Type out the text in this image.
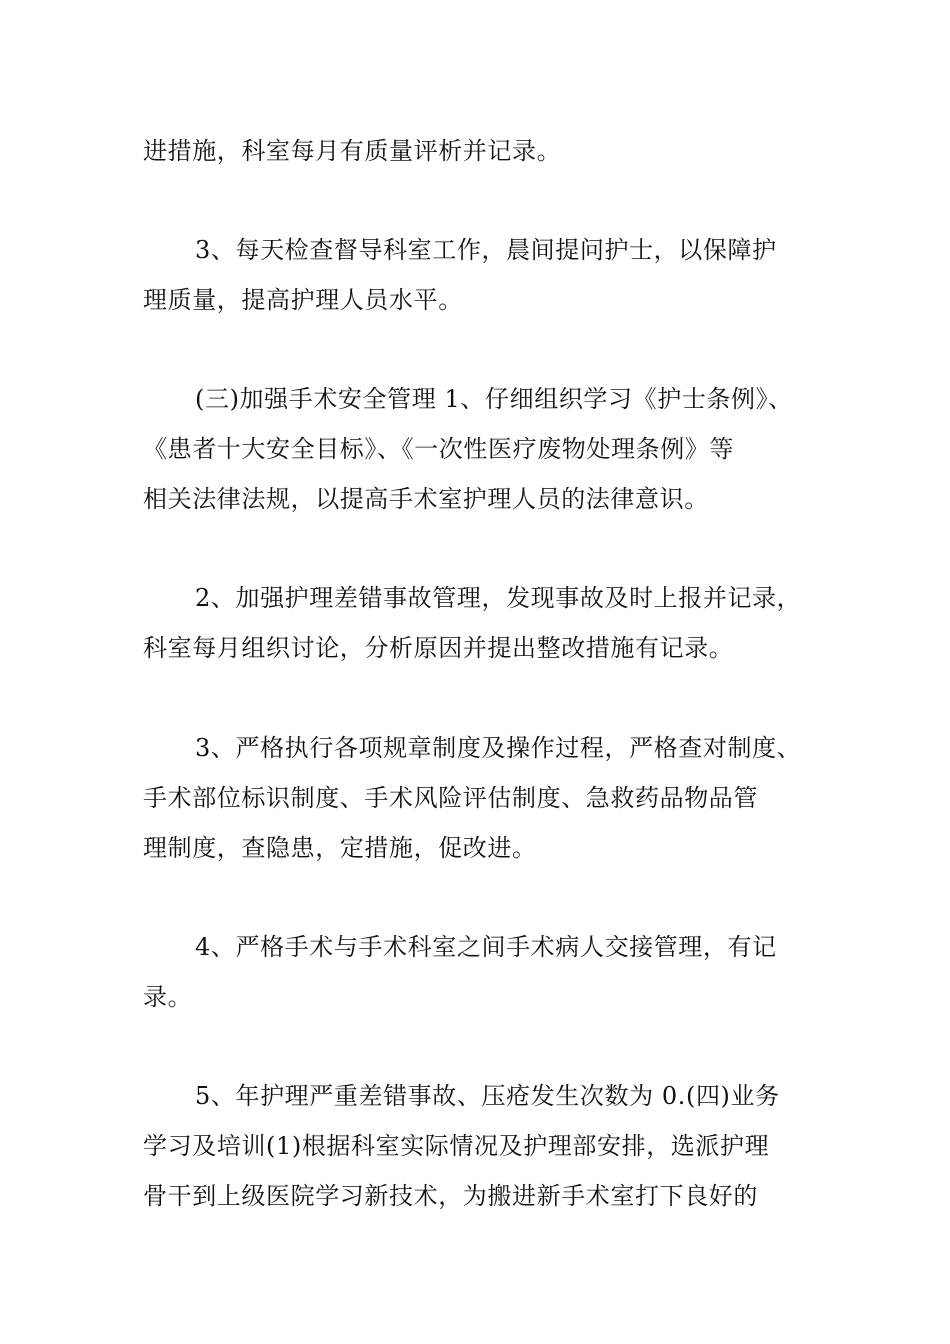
进措施，科室每月有质量评析并记录。
3、每天检查督导科室工作，晨间提问护士，以保障护
理质量，提高护理人员水平。
(三)加强手术安全管理 1、仔细组织学习《护士条例》、
《患者十大安全目标》、《一次性医疗废物处理条例》等
相关法律法规，以提高手术室护理人员的法律意识。
2、加强护理差错事故管理，发现事故及时上报并记录，
科室每月组织讨论，分析原因并提出整改措施有记录。
3、严格执行各项规章制度及操作过程，严格查对制度、
手术部位标识制度、手术风险评估制度、急救药品物品管
理制度，查隐患，定措施，促改进。
4、严格手术与手术科室之间手术病人交接管理，有记
录。
5、年护理严重差错事故、压疮发生次数为 0.(四)业务
学习及培训(1)根据科室实际情况及护理部安排，选派护理
骨干到上级医院学习新技术，为搬进新手术室打下良好的
